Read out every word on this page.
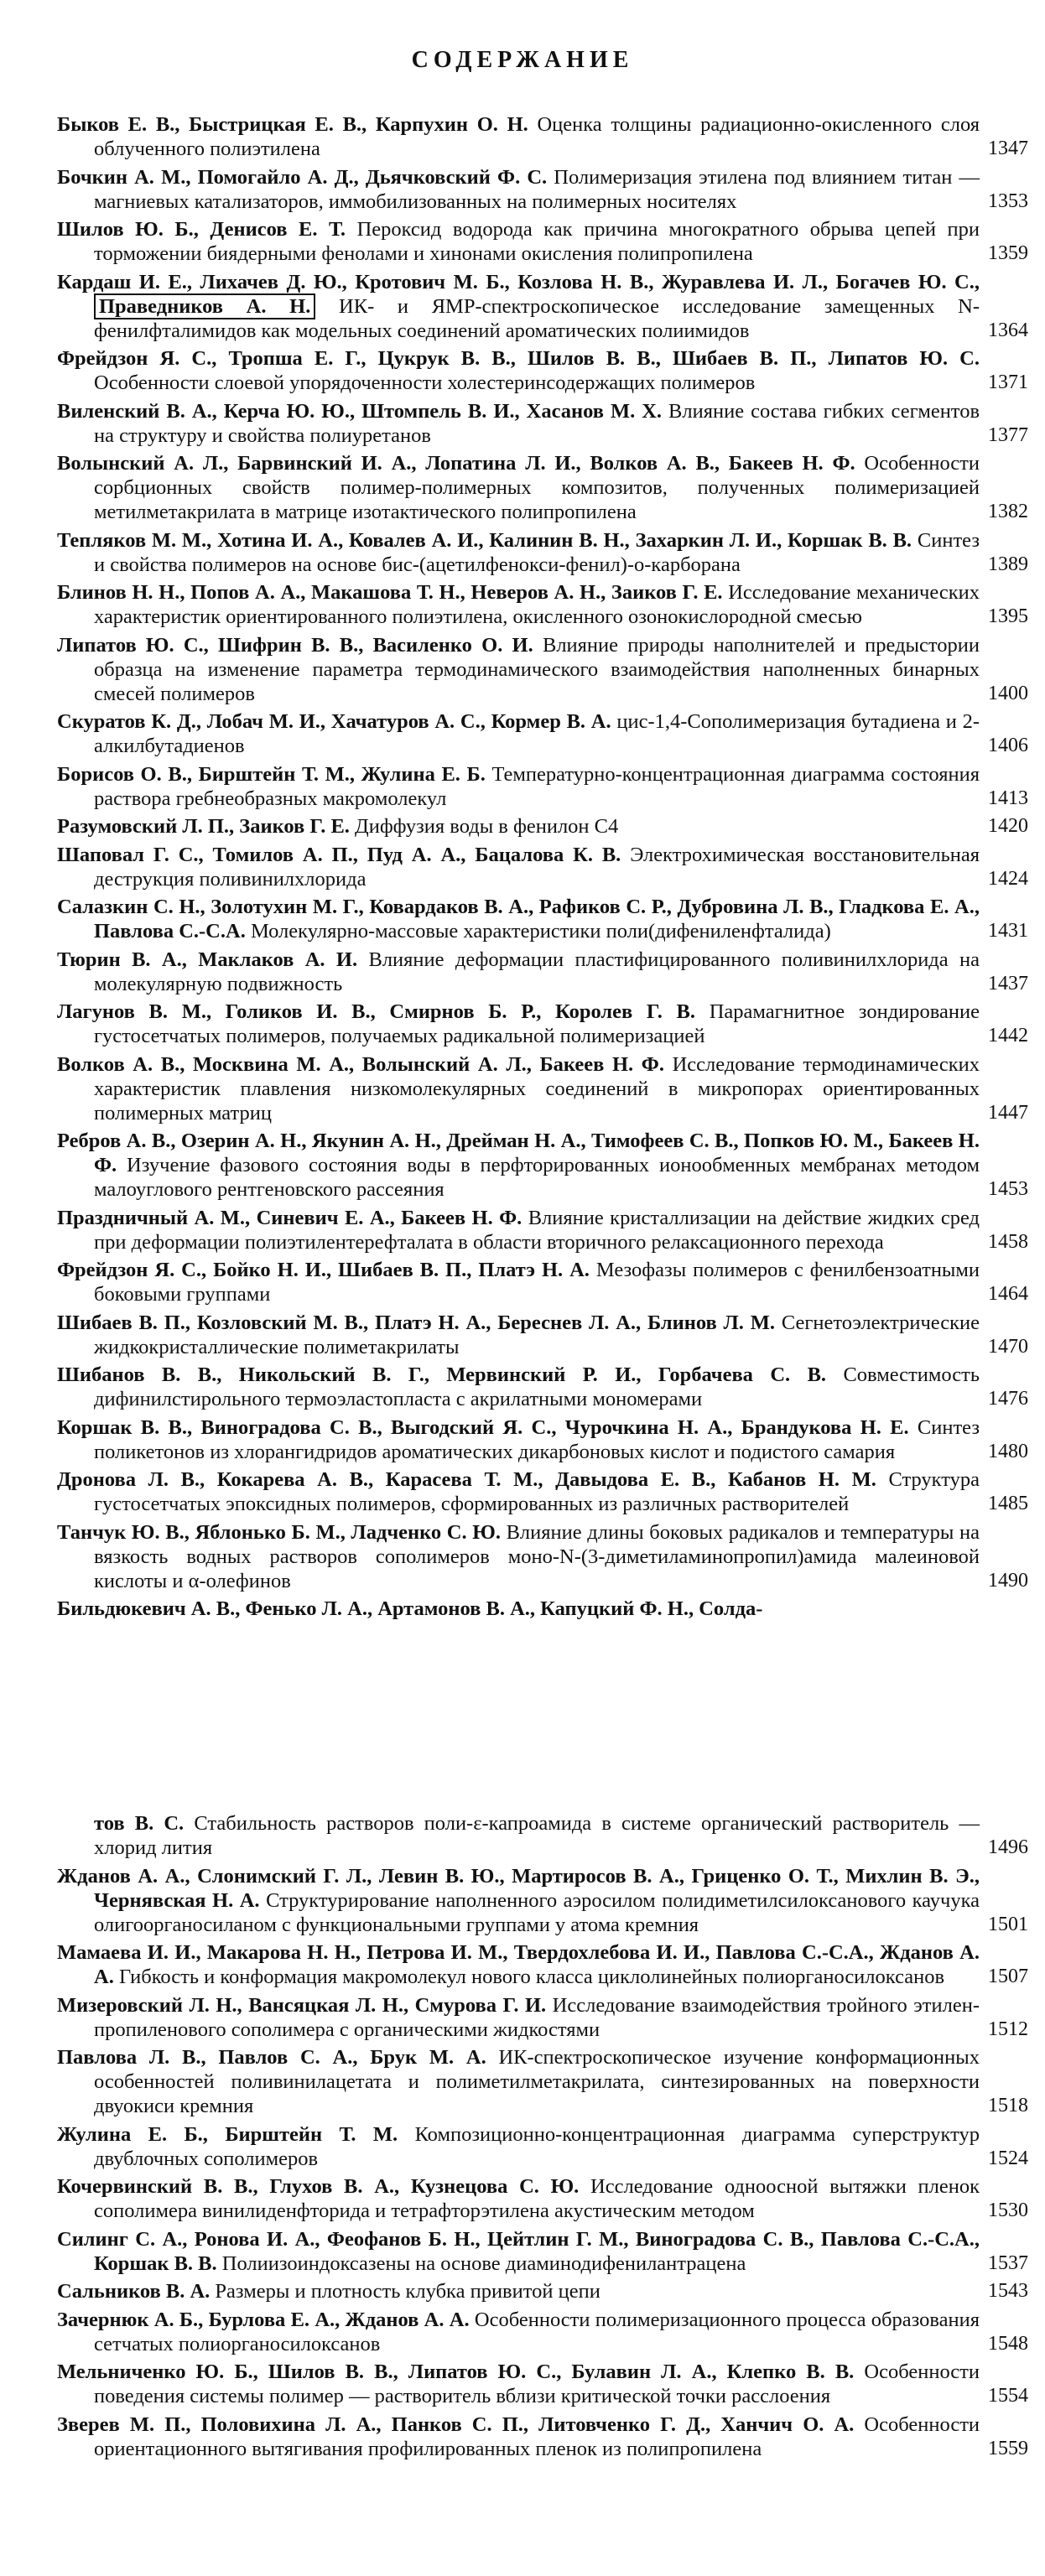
СОДЕРЖАНИЕ
Быков Е. В., Быстрицкая Е. В., Карпухин О. Н. Оценка толщины радиационно-окисленного слоя облученного полиэтилена	1347
Бочкин А. М., Помогайло А. Д., Дьячковский Ф. С. Полимеризация этилена под влиянием титан — магниевых катализаторов, иммобилизованных на полимерных носителях	1353
Шилов Ю. Б., Денисов Е. Т. Пероксид водорода как причина многократного обрыва цепей при торможении биядерными фенолами и хинонами окисления полипропилена	1359
Кардаш И. Е., Лихачев Д. Ю., Кротович М. Б., Козлова Н. В., Журавлева И. Л., Богачев Ю. С., Праведников А. Н. ИК- и ЯМР-спектроскопическое исследование замещенных N-фенилфталимидов как модельных соединений ароматических полиимидов	1364
Фрейдзон Я. С., Тропша Е. Г., Цукрук В. В., Шилов В. В., Шибаев В. П., Липатов Ю. С. Особенности слоевой упорядоченности холестеринсодержащих полимеров	1371
Виленский В. А., Керча Ю. Ю., Штомпель В. И., Хасанов М. Х. Влияние состава гибких сегментов на структуру и свойства полиуретанов	1377
Волынский А. Л., Барвинский И. А., Лопатина Л. И., Волков А. В., Бакеев Н. Ф. Особенности сорбционных свойств полимер-полимерных композитов, полученных полимеризацией метилметакрилата в матрице изотактического полипропилена	1382
Тепляков М. М., Хотина И. А., Ковалев А. И., Калинин В. Н., Захаркин Л. И., Коршак В. В. Синтез и свойства полимеров на основе бис-(ацетилфенокси-фенил)-о-карборана	1389
Блинов Н. Н., Попов А. А., Макашова Т. Н., Неверов А. Н., Заиков Г. Е. Исследование механических характеристик ориентированного полиэтилена, окисленного озонокислородной смесью	1395
Липатов Ю. С., Шифрин В. В., Василенко О. И. Влияние природы наполнителей и предыстории образца на изменение параметра термодинамического взаимодействия наполненных бинарных смесей полимеров	1400
Скуратов К. Д., Лобач М. И., Хачатуров А. С., Кормер В. А. цис-1,4-Сополимеризация бутадиена и 2-алкилбутадиенов	1406
Борисов О. В., Бирштейн Т. М., Жулина Е. Б. Температурно-концентрационная диаграмма состояния раствора гребнеобразных макромолекул	1413
Разумовский Л. П., Заиков Г. Е. Диффузия воды в фенилон С4	1420
Шаповал Г. С., Томилов А. П., Пуд А. А., Бацалова К. В. Электрохимическая восстановительная деструкция поливинилхлорида	1424
Салазкин С. Н., Золотухин М. Г., Ковардаков В. А., Рафиков С. Р., Дубровина Л. В., Гладкова Е. А., Павлова С.-С.А. Молекулярно-массовые характеристики поли(дифениленфталида)	1431
Тюрин В. А., Маклаков А. И. Влияние деформации пластифицированного поливинилхлорида на молекулярную подвижность	1437
Лагунов В. М., Голиков И. В., Смирнов Б. Р., Королев Г. В. Парамагнитное зондирование густосетчатых полимеров, получаемых радикальной полимеризацией	1442
Волков А. В., Москвина М. А., Волынский А. Л., Бакеев Н. Ф. Исследование термодинамических характеристик плавления низкомолекулярных соединений в микропорах ориентированных полимерных матриц	1447
Ребров А. В., Озерин А. Н., Якунин А. Н., Дрейман Н. А., Тимофеев С. В., Попков Ю. М., Бакеев Н. Ф. Изучение фазового состояния воды в перфторированных ионообменных мембранах методом малоуглового рентгеновского рассеяния	1453
Праздничный А. М., Синевич Е. А., Бакеев Н. Ф. Влияние кристаллизации на действие жидких сред при деформации полиэтилентерефталата в области вторичного релаксационного перехода	1458
Фрейдзон Я. С., Бойко Н. И., Шибаев В. П., Платэ Н. А. Мезофазы полимеров с фенилбензоатными боковыми группами	1464
Шибаев В. П., Козловский М. В., Платэ Н. А., Береснев Л. А., Блинов Л. М. Сегнетоэлектрические жидкокристаллические полиметакрилаты	1470
Шибанов В. В., Никольский В. Г., Мервинский Р. И., Горбачева С. В. Совместимость дифинилстирольного термоэластопласта с акрилатными мономерами	1476
Коршак В. В., Виноградова С. В., Выгодский Я. С., Чурочкина Н. А., Брандукова Н. Е. Синтез поликетонов из хлорангидридов ароматических дикарбоновых кислот и подистого самария	1480
Дронова Л. В., Кокарева А. В., Карасева Т. М., Давыдова Е. В., Кабанов Н. М. Структура густосетчатых эпоксидных полимеров, сформированных из различных растворителей	1485
Танчук Ю. В., Яблонько Б. М., Ладченко С. Ю. Влияние длины боковых радикалов и температуры на вязкость водных растворов сополимеров моно-N-(3-диметиламинопропил)амида малеиновой кислоты и α-олефинов	1490
Бильдюкевич А. В., Фенько Л. А., Артамонов В. А., Капуцкий Ф. Н., Солда-
тов В. С. Стабильность растворов поли-ε-капроамида в системе органический растворитель — хлорид лития	1496
Жданов А. А., Слонимский Г. Л., Левин В. Ю., Мартиросов В. А., Гриценко О. Т., Михлин В. Э., Чернявская Н. А. Структурирование наполненного аэросилом полидиметилсилоксанового каучука олигоорганосиланом с функциональными группами у атома кремния	1501
Мамаева И. И., Макарова Н. Н., Петрова И. М., Твердохлебова И. И., Павлова С.-С.А., Жданов А. А. Гибкость и конформация макромолекул нового класса циклолинейных полиорганосилоксанов 1507
Мизеровский Л. Н., Вансяцкая Л. Н., Смурова Г. И. Исследование взаимодействия тройного этилен-пропиленового сополимера с органическими жидкостями	1512
Павлова Л. В., Павлов С. А., Брук М. А. ИК-спектроскопическое изучение конформационных особенностей поливинилацетата и полиметилметакрилата, синтезированных на поверхности двуокиси кремния	1518
Жулина Е. Б., Бирштейн Т. М. Композиционно-концентрационная диаграмма суперструктур двублочных сополимеров	1524
Кочервинский В. В., Глухов В. А., Кузнецова С. Ю. Исследование одноосной вытяжки пленок сополимера винилиденфторида и тетрафторэтилена акустическим методом	1530
Силинг С. А., Ронова И. А., Феофанов Б. Н., Цейтлин Г. М., Виноградова С. В., Павлова С.-С.А., Коршак В. В. Полиизоиндоксазены на основе диаминодифенилантрацена	1537
Сальников В. А. Размеры и плотность клубка привитой цепи	1543
Зачернюк А. Б., Бурлова Е. А., Жданов А. А. Особенности полимеризационного процесса образования сетчатых полиорганосилоксанов	1548
Мельниченко Ю. Б., Шилов В. В., Липатов Ю. С., Булавин Л. А., Клепко В. В. Особенности поведения системы полимер — растворитель вблизи критической точки расслоения	1554
Зверев М. П., Половихина Л. А., Панков С. П., Литовченко Г. Д., Ханчич О. А. Особенности ориентационного вытягивания профилированных пленок из полипропилена	1559
